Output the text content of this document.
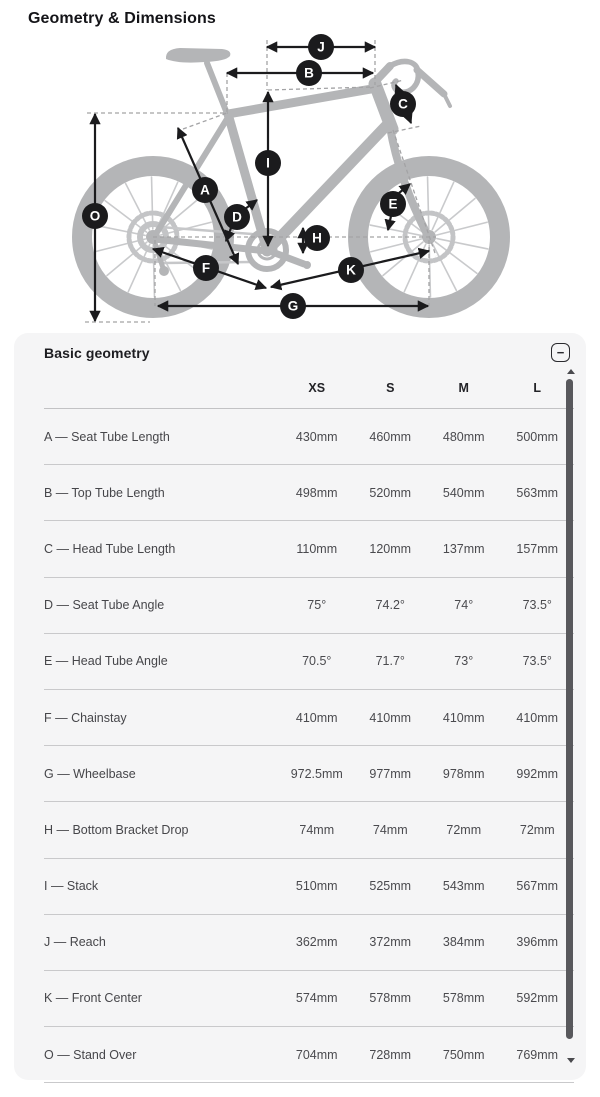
Geometry & Dimensions
J
B
C
I
A
O	D
E
H
F	K
G
Basic geometry	−
XS	S	M	L
A — Seat Tube Length	430mm	460mm	480mm	500mm
B — Top Tube Length	498mm	520mm	540mm	563mm
C — Head Tube Length	110mm	120mm	137mm	157mm
D — Seat Tube Angle	75°	74.2°	74°	73.5°
E — Head Tube Angle	70.5°	71.7°	73°	73.5°
F — Chainstay	410mm	410mm	410mm	410mm
G — Wheelbase	972.5mm	977mm	978mm	992mm
H — Bottom Bracket Drop	74mm	74mm	72mm	72mm
I — Stack	510mm	525mm	543mm	567mm
J — Reach	362mm	372mm	384mm	396mm
K — Front Center	574mm	578mm	578mm	592mm
O — Stand Over	704mm	728mm	750mm	769mm
